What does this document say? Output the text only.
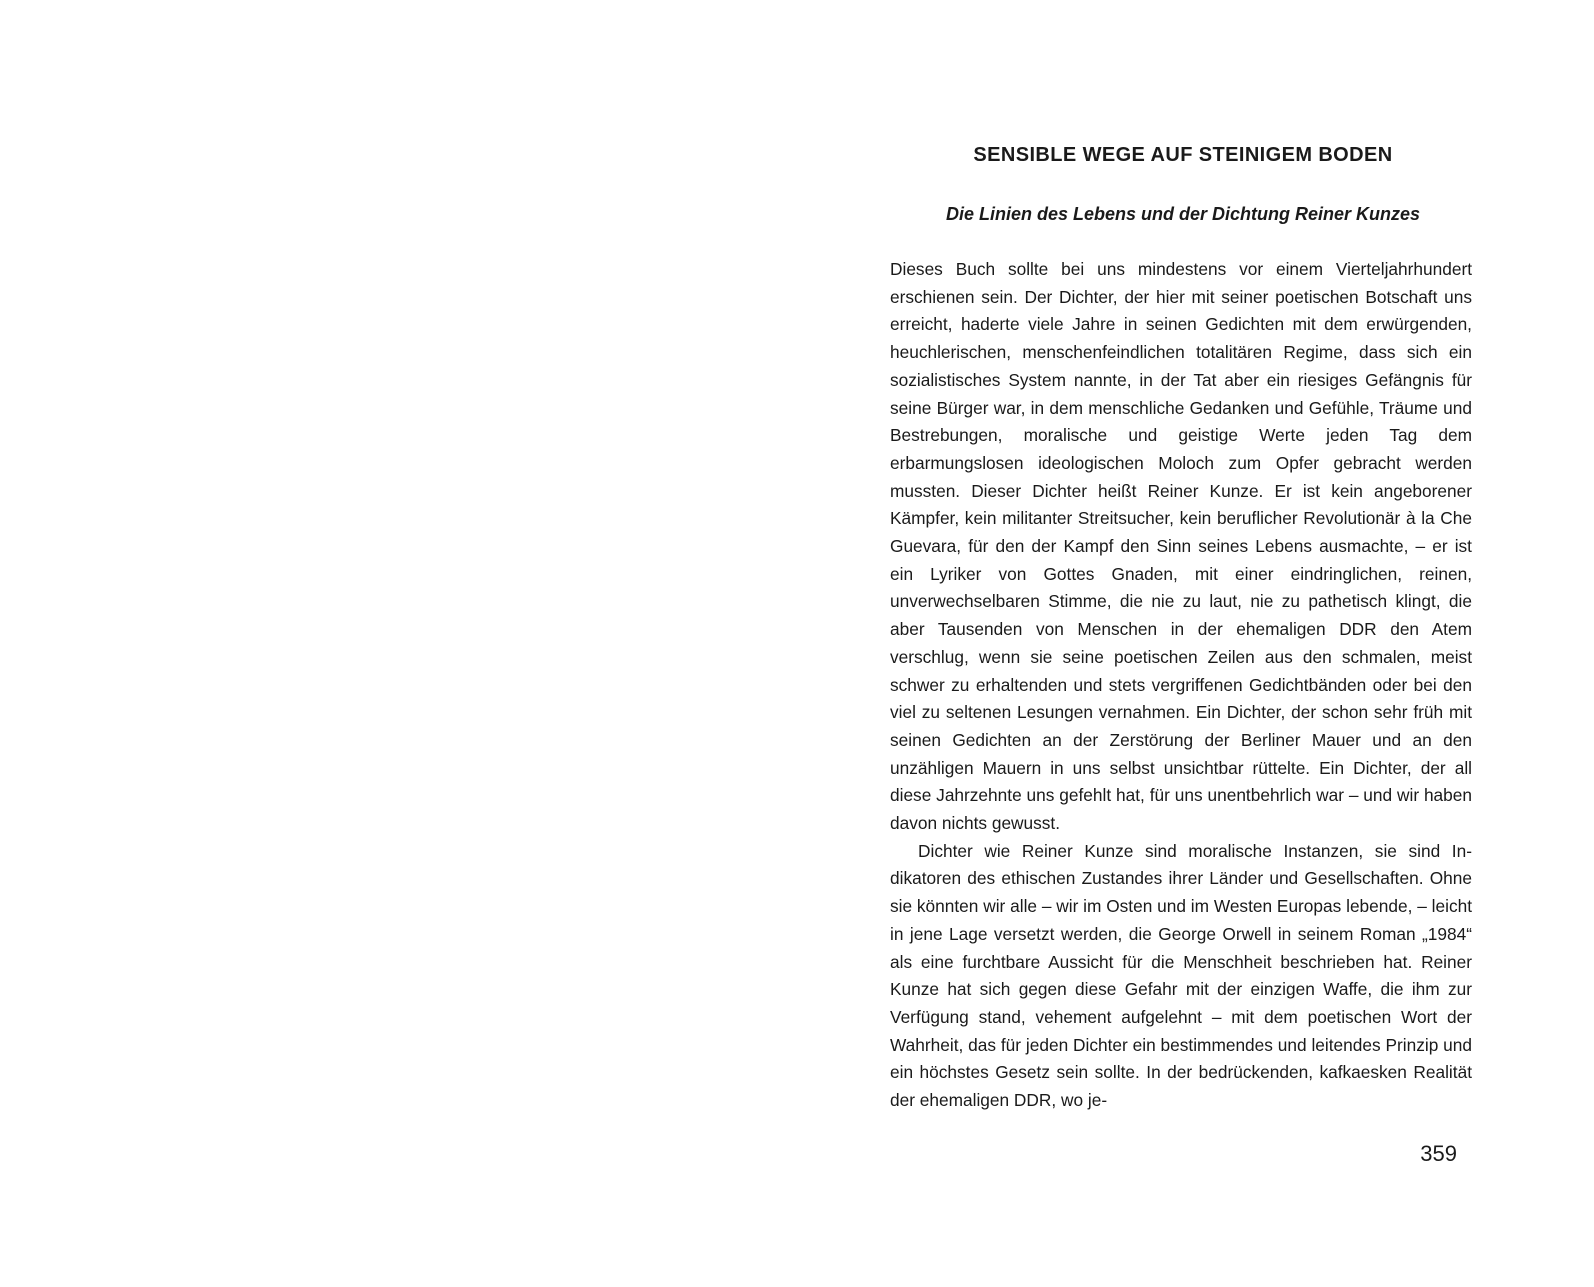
SENSIBLE WEGE AUF STEINIGEM BODEN
Die Linien des Lebens und der Dichtung Reiner Kunzes

Dieses Buch sollte bei uns mindestens vor einem Vierteljahrhundert erschienen sein. Der Dichter, der hier mit seiner poetischen Botschaft uns erreicht, haderte viele Jahre in seinen Gedichten mit dem erwürgenden, heuchlerischen, menschenfeindlichen totalitären Regime, dass sich ein sozialistisches System nannte, in der Tat aber ein riesiges Gefängnis für seine Bürger war, in dem menschliche Gedanken und Gefühle, Träume und Bestrebungen, moralische und geistige Werte jeden Tag dem erbarmungslosen ideologischen Moloch zum Opfer gebracht werden mussten. Dieser Dichter heißt Reiner Kunze. Er ist kein angeborener Kämpfer, kein militanter Streitsucher, kein beruflicher Revolutionär à la Che Guevara, für den der Kampf den Sinn seines Lebens ausmachte, – er ist ein Lyriker von Gottes Gnaden, mit einer eindringlichen, reinen, unverwechselbaren Stimme, die nie zu laut, nie zu pathetisch klingt, die aber Tausenden von Menschen in der ehemaligen DDR den Atem verschlug, wenn sie seine poetischen Zeilen aus den schmalen, meist schwer zu erhaltenden und stets vergriffenen Gedichtbänden oder bei den viel zu seltenen Lesungen vernahmen. Ein Dichter, der schon sehr früh mit seinen Gedichten an der Zerstörung der Berliner Mauer und an den unzähligen Mauern in uns selbst unsichtbar rüttelte. Ein Dichter, der all diese Jahrzehnte uns gefehlt hat, für uns unentbehrlich war – und wir haben davon nichts gewusst.

Dichter wie Reiner Kunze sind moralische Instanzen, sie sind Indikatoren des ethischen Zustandes ihrer Länder und Gesellschaften. Ohne sie könnten wir alle – wir im Osten und im Westen Europas lebende, – leicht in jene Lage versetzt werden, die George Orwell in seinem Roman „1984“ als eine furchtbare Aussicht für die Menschheit beschrieben hat. Reiner Kunze hat sich gegen diese Gefahr mit der einzigen Waffe, die ihm zur Verfügung stand, vehement aufgelehnt – mit dem poetischen Wort der Wahrheit, das für jeden Dichter ein bestimmendes und leitendes Prinzip und ein höchstes Gesetz sein sollte. In der bedrückenden, kafkaesken Realität der ehemaligen DDR, wo je-

359
